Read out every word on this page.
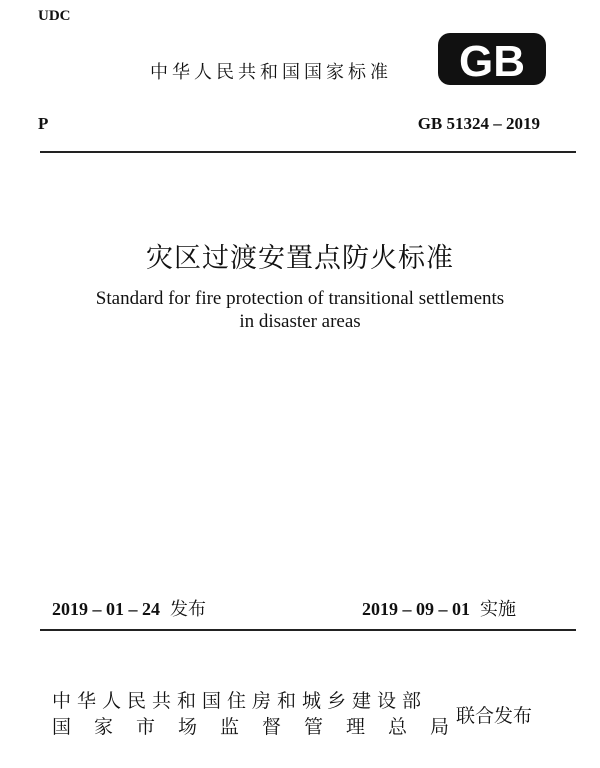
UDC
中华人民共和国国家标准 GB
P	GB 51324 – 2019
灾区过渡安置点防火标准
Standard for fire protection of transitional settlements
in disaster areas
2019 – 01 – 24 发布	2019 – 09 – 01 实施
中华人民共和国住房和城乡建设部
国家市场监督管理总局
联合发布
